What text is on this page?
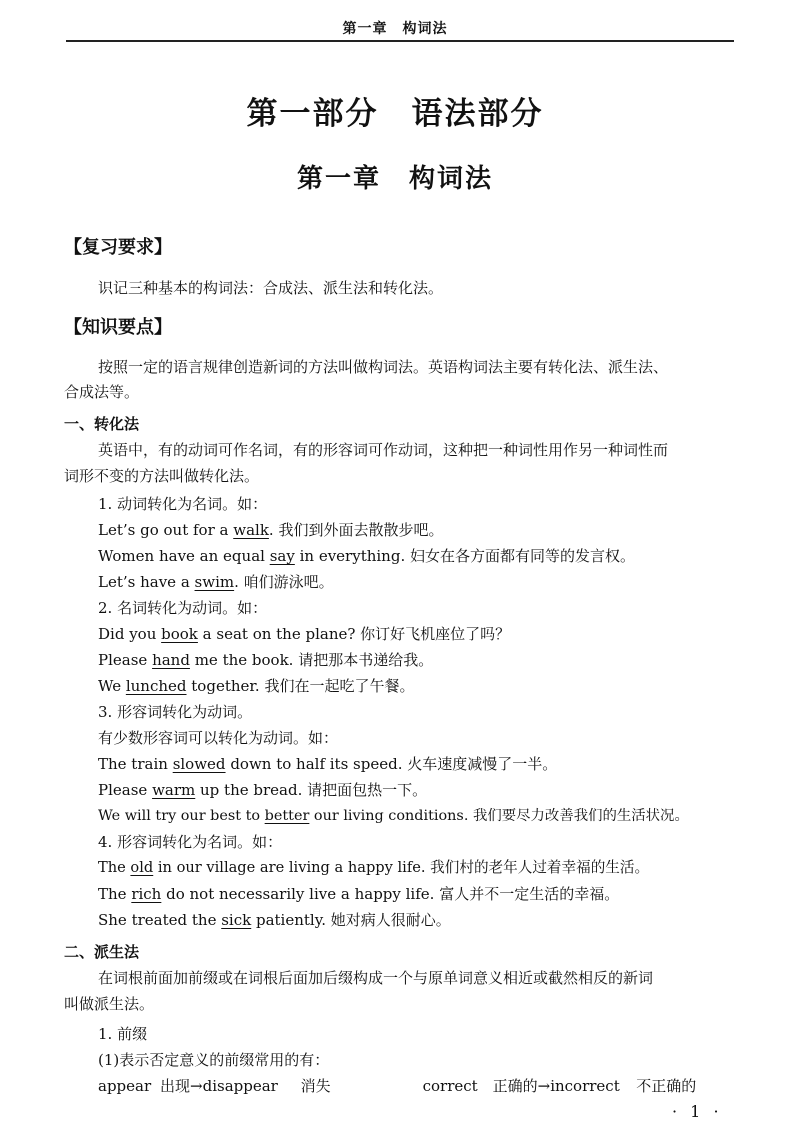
第一章　构词法
第一部分　语法部分
第一章　构词法
【复习要求】
识记三种基本的构词法：合成法、派生法和转化法。
【知识要点】
按照一定的语言规律创造新词的方法叫做构词法。英语构词法主要有转化法、派生法、
合成法等。
一、转化法
英语中，有的动词可作名词，有的形容词可作动词，这种把一种词性用作另一种词性而
词形不变的方法叫做转化法。
1. 动词转化为名词。如：
Let’s go out for a walk. 我们到外面去散散步吧。
Women have an equal say in everything. 妇女在各方面都有同等的发言权。
Let’s have a swim. 咱们游泳吧。
2. 名词转化为动词。如：
Did you book a seat on the plane? 你订好飞机座位了吗？
Please hand me the book. 请把那本书递给我。
We lunched together. 我们在一起吃了午餐。
3. 形容词转化为动词。
有少数形容词可以转化为动词。如：
The train slowed down to half its speed. 火车速度减慢了一半。
Please warm up the bread. 请把面包热一下。
We will try our best to better our living conditions. 我们要尽力改善我们的生活状况。
4. 形容词转化为名词。如：
The old in our village are living a happy life. 我们村的老年人过着幸福的生活。
The rich do not necessarily live a happy life. 富人并不一定生活的幸福。
She treated the sick patiently. 她对病人很耐心。
二、派生法
在词根前面加前缀或在词根后面加后缀构成一个与原单词意义相近或截然相反的新词
叫做派生法。
1. 前缀
(1)表示否定意义的前缀常用的有：
appear 出现→disappear 消失	correct 正确的→incorrect 不正确的
· 1 ·
